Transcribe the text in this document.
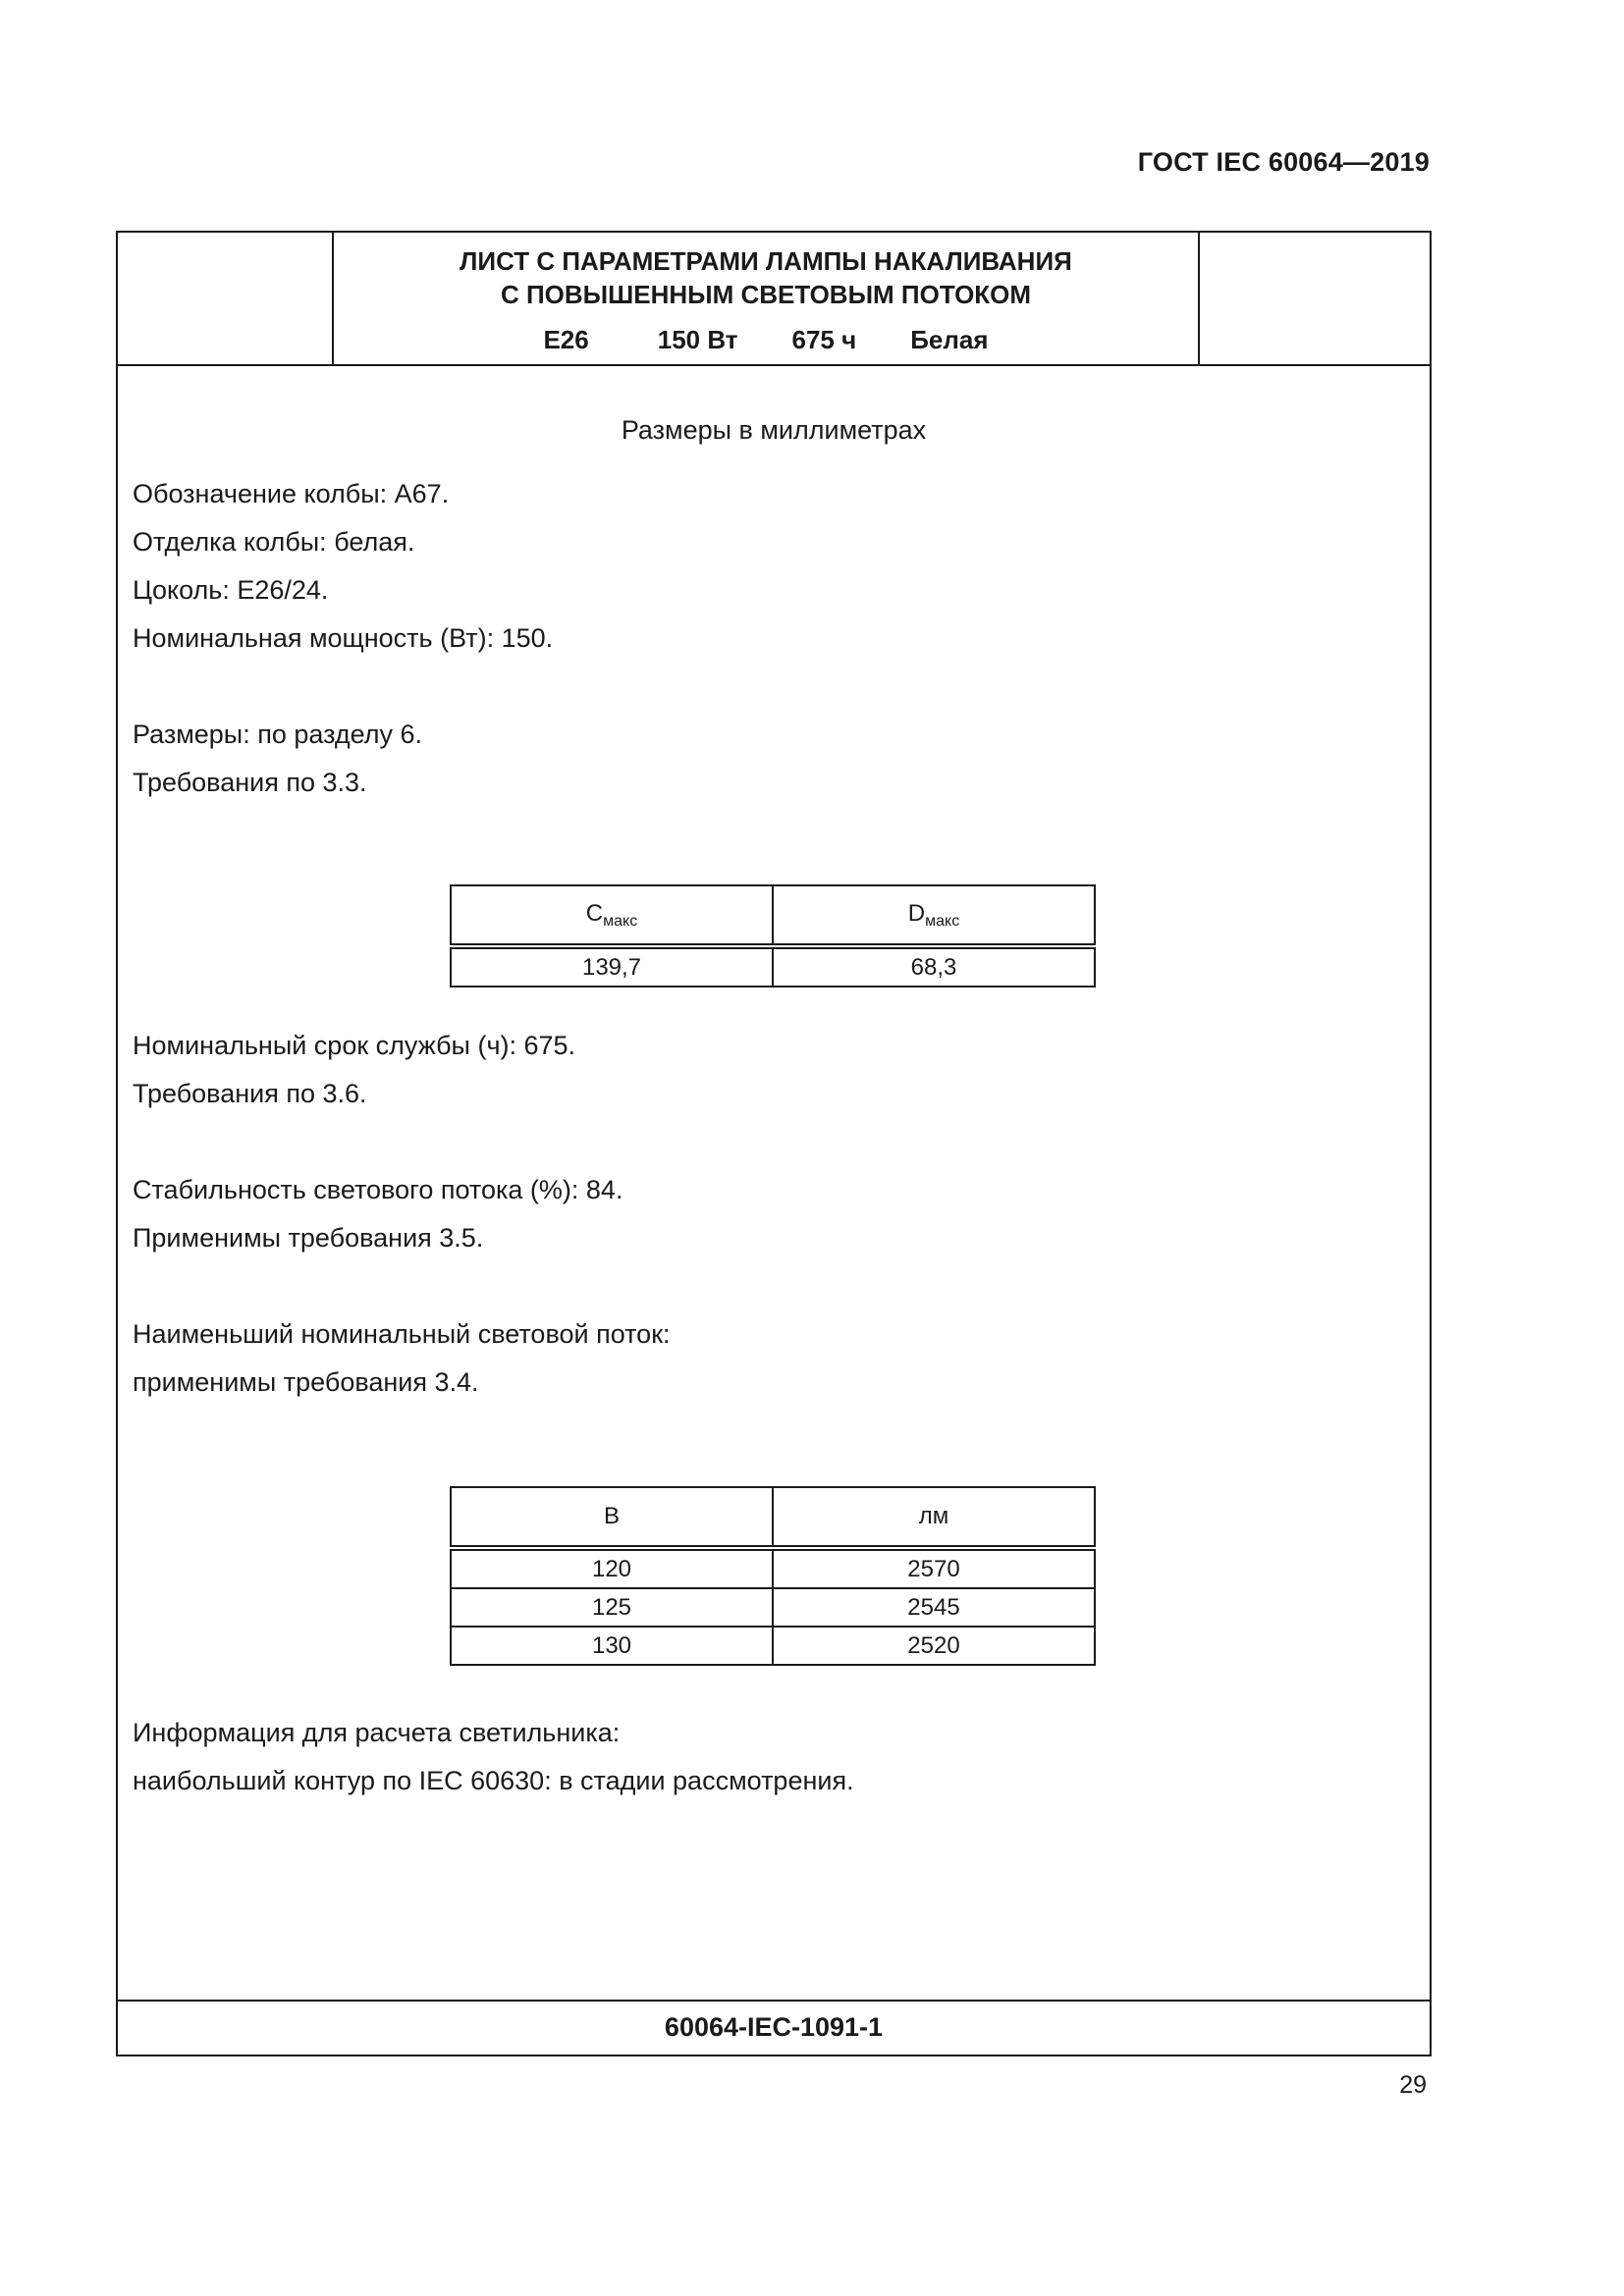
ГОСТ IEC 60064—2019
ЛИСТ С ПАРАМЕТРАМИ ЛАМПЫ НАКАЛИВАНИЯ
С ПОВЫШЕННЫМ СВЕТОВЫМ ПОТОКОМ
E26	150 Вт 675 ч Белая
Размеры в миллиметрах
Обозначение колбы: A67.
Отделка колбы: белая.
Цоколь: E26/24.
Номинальная мощность (Вт): 150.
Размеры: по разделу 6.
Требования по 3.3.
$C_{макс}$	$D_{макс}$
139,7	68,3
Номинальный срок службы (ч): 675.
Требования по 3.6.
Стабильность светового потока (%): 84.
Применимы требования 3.5.
Наименьший номинальный световой поток:
применимы требования 3.4.
В	лм
120	2570
125	2545
130	2520
Информация для расчета светильника:
наибольший контур по IEC 60630: в стадии рассмотрения.
60064-IEC-1091-1
29
